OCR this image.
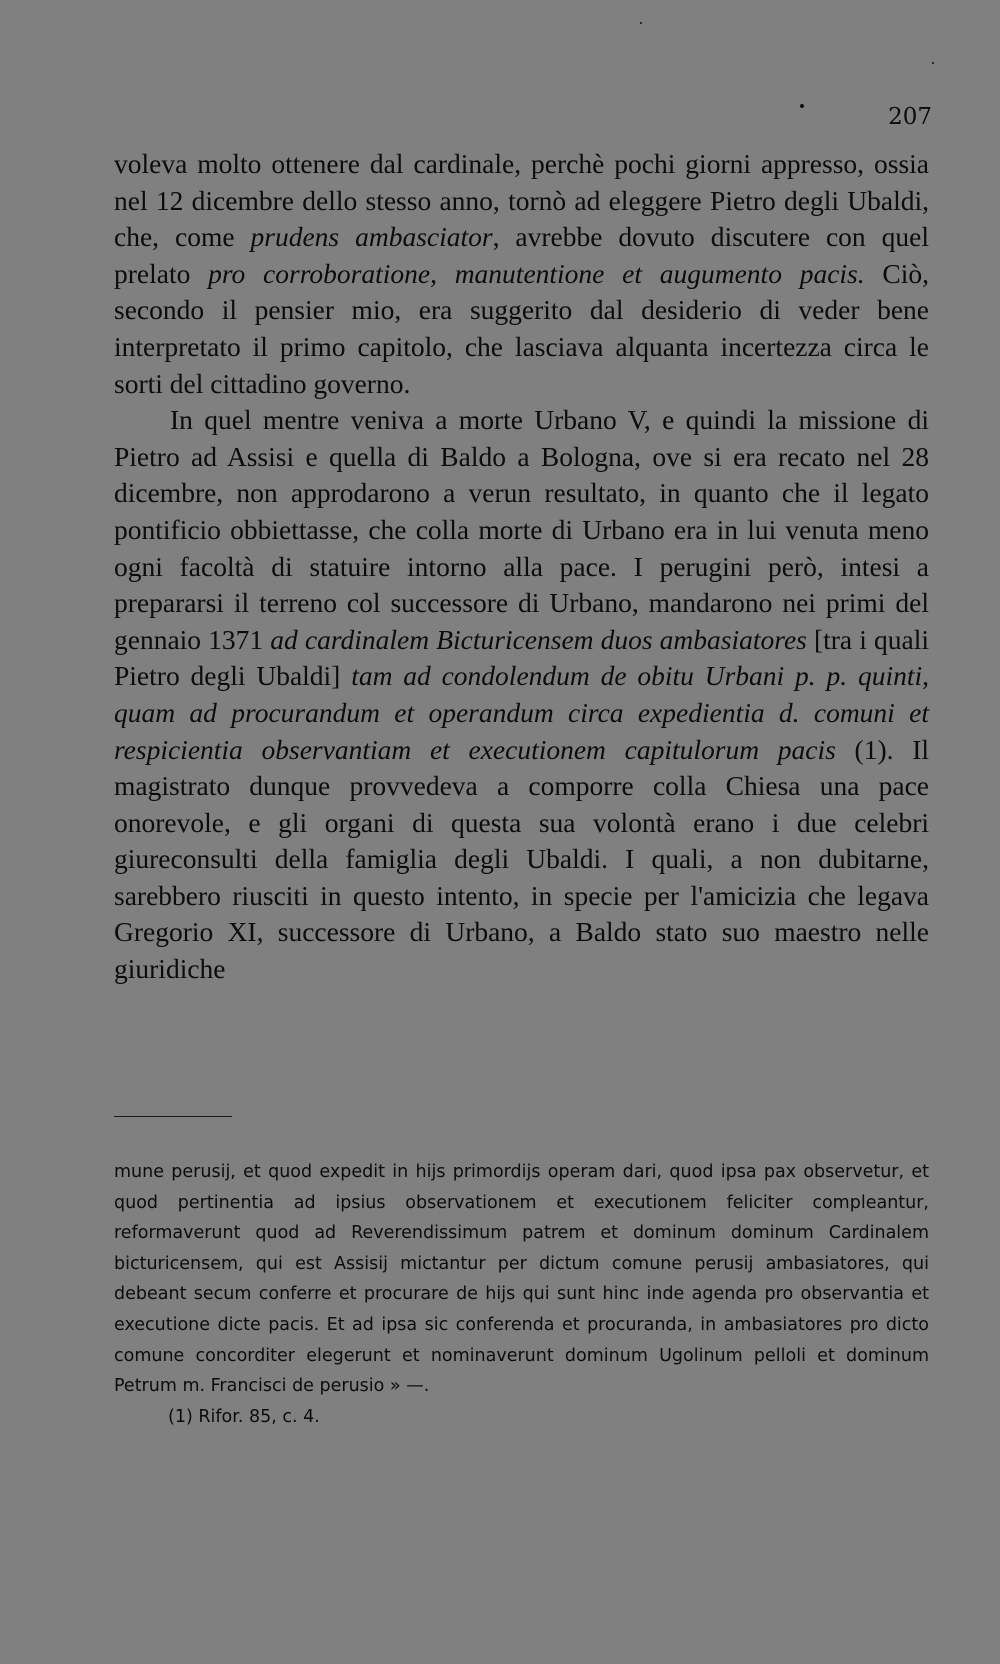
207

voleva molto ottenere dal cardinale, perchè pochi giorni appresso, ossia nel 12 dicembre dello stesso anno, tornò ad eleggere Pietro degli Ubaldi, che, come prudens ambasciator, avrebbe dovuto discutere con quel prelato pro corroboratione, manutentione et augumento pacis. Ciò, secondo il pensier mio, era suggerito dal desiderio di veder bene interpretato il primo capitolo, che lasciava alquanta incertezza circa le sorti del cittadino governo.

In quel mentre veniva a morte Urbano V, e quindi la missione di Pietro ad Assisi e quella di Baldo a Bologna, ove si era recato nel 28 dicembre, non approdarono a verun resultato, in quanto che il legato pontificio obbiettasse, che colla morte di Urbano era in lui venuta meno ogni facoltà di statuire intorno alla pace. I perugini però, intesi a prepararsi il terreno col successore di Urbano, mandarono nei primi del gennaio 1371 ad cardinalem Bicturicensem duos ambasiatores [tra i quali Pietro degli Ubaldi] tam ad condolendum de obitu Urbani p. p. quinti, quam ad procurandum et operandum circa expedientia d. comuni et respicientia observantiam et executionem capitulorum pacis (1). Il magistrato dunque provvedeva a comporre colla Chiesa una pace onorevole, e gli organi di questa sua volontà erano i due celebri giureconsulti della famiglia degli Ubaldi. I quali, a non dubitarne, sarebbero riusciti in questo intento, in specie per l'amicizia che legava Gregorio XI, successore di Urbano, a Baldo stato suo maestro nelle giuridiche

mune perusij, et quod expedit in hijs primordijs operam dari, quod ipsa pax observetur, et quod pertinentia ad ipsius observationem et executionem feliciter compleantur, reformaverunt quod ad Reverendissimum patrem et dominum dominum Cardinalem bicturicensem, qui est Assisij mictantur per dictum comune perusij ambasiatores, qui debeant secum conferre et procurare de hijs qui sunt hinc inde agenda pro observantia et executione dicte pacis. Et ad ipsa sic conferenda et procuranda, in ambasiatores pro dicto comune concorditer elegerunt et nominaverunt dominum Ugolinum pelloli et dominum Petrum m. Francisci de perusio » —.

(1) Rifor. 85, c. 4.
